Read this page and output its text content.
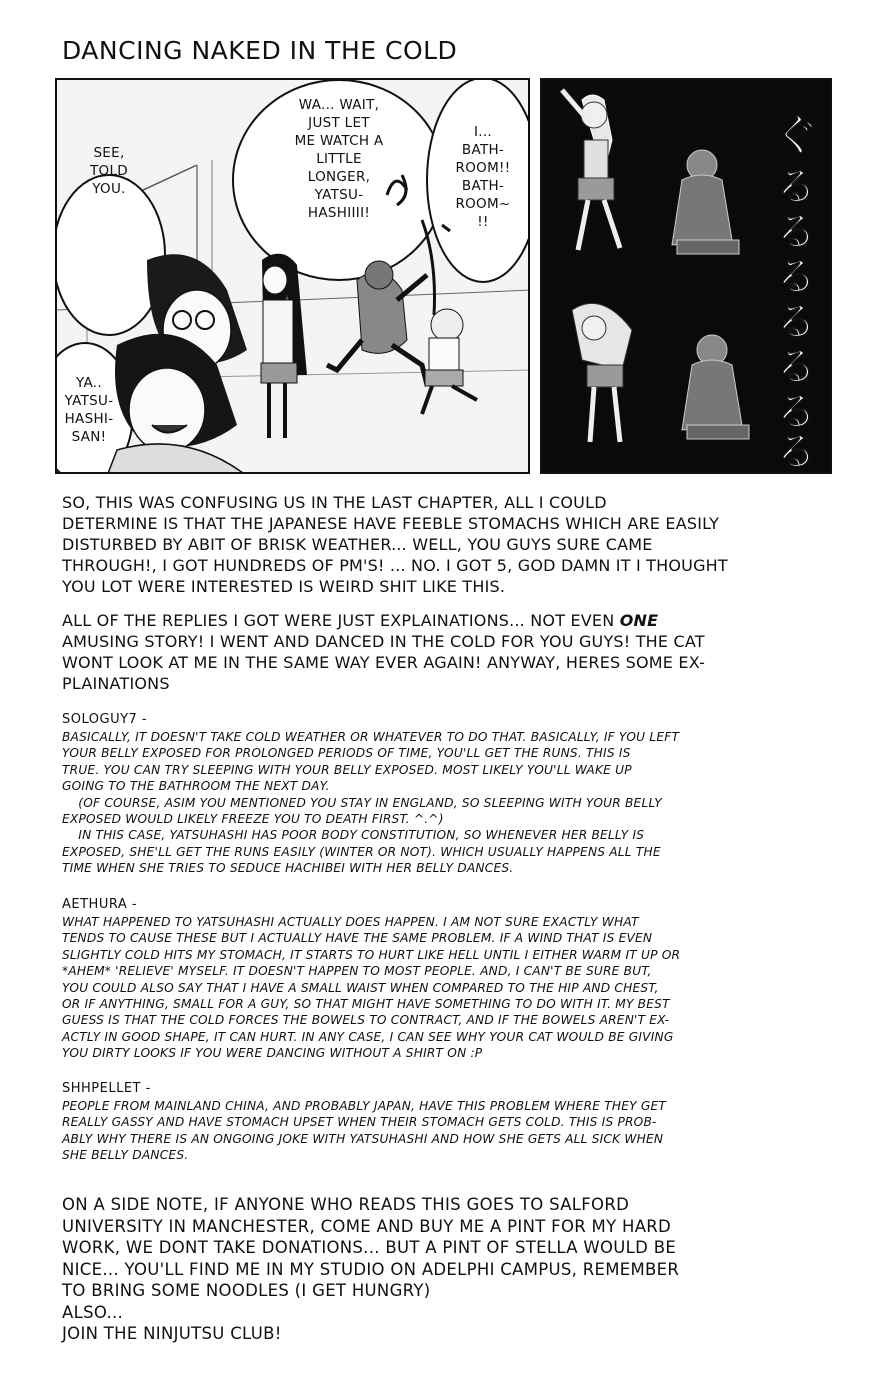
DANCING NAKED IN THE COLD
SEE,
TOLD
YOU.
WA... WAIT,
JUST LET
ME WATCH A
LITTLE
LONGER,
YATSU-
HASHIIII!
I...
BATH-
ROOM!!
BATH-
ROOM~
!!
YA..
YATSU-
HASHI-
SAN!
ぐ
る
る
る
る
る
る
る
SO, THIS WAS CONFUSING US IN THE LAST CHAPTER, ALL I COULD
DETERMINE IS THAT THE JAPANESE HAVE FEEBLE STOMACHS WHICH ARE EASILY
DISTURBED BY ABIT OF BRISK WEATHER... WELL, YOU GUYS SURE CAME
THROUGH!, I GOT HUNDREDS OF PM'S! ... NO. I GOT 5, GOD DAMN IT I THOUGHT
YOU LOT WERE INTERESTED IS WEIRD SHIT LIKE THIS.
ALL OF THE REPLIES I GOT WERE JUST EXPLAINATIONS... NOT EVEN ONE
AMUSING STORY! I WENT AND DANCED IN THE COLD FOR YOU GUYS! THE CAT
WONT LOOK AT ME IN THE SAME WAY EVER AGAIN! ANYWAY, HERES SOME EX-
PLAINATIONS
SOLOGUY7 -
BASICALLY, IT DOESN'T TAKE COLD WEATHER OR WHATEVER TO DO THAT. BASICALLY, IF YOU LEFT
YOUR BELLY EXPOSED FOR PROLONGED PERIODS OF TIME, YOU'LL GET THE RUNS. THIS IS
TRUE. YOU CAN TRY SLEEPING WITH YOUR BELLY EXPOSED. MOST LIKELY YOU'LL WAKE UP
GOING TO THE BATHROOM THE NEXT DAY.
(OF COURSE, ASIM YOU MENTIONED YOU STAY IN ENGLAND, SO SLEEPING WITH YOUR BELLY
EXPOSED WOULD LIKELY FREEZE YOU TO DEATH FIRST. ^.^)
IN THIS CASE, YATSUHASHI HAS POOR BODY CONSTITUTION, SO WHENEVER HER BELLY IS
EXPOSED, SHE'LL GET THE RUNS EASILY (WINTER OR NOT). WHICH USUALLY HAPPENS ALL THE
TIME WHEN SHE TRIES TO SEDUCE HACHIBEI WITH HER BELLY DANCES.
AETHURA -
WHAT HAPPENED TO YATSUHASHI ACTUALLY DOES HAPPEN. I AM NOT SURE EXACTLY WHAT
TENDS TO CAUSE THESE BUT I ACTUALLY HAVE THE SAME PROBLEM. IF A WIND THAT IS EVEN
SLIGHTLY COLD HITS MY STOMACH, IT STARTS TO HURT LIKE HELL UNTIL I EITHER WARM IT UP OR
*AHEM* 'RELIEVE' MYSELF. IT DOESN'T HAPPEN TO MOST PEOPLE. AND, I CAN'T BE SURE BUT,
YOU COULD ALSO SAY THAT I HAVE A SMALL WAIST WHEN COMPARED TO THE HIP AND CHEST,
OR IF ANYTHING, SMALL FOR A GUY, SO THAT MIGHT HAVE SOMETHING TO DO WITH IT. MY BEST
GUESS IS THAT THE COLD FORCES THE BOWELS TO CONTRACT, AND IF THE BOWELS AREN'T EX-
ACTLY IN GOOD SHAPE, IT CAN HURT. IN ANY CASE, I CAN SEE WHY YOUR CAT WOULD BE GIVING
YOU DIRTY LOOKS IF YOU WERE DANCING WITHOUT A SHIRT ON :P
SHHPELLET -
PEOPLE FROM MAINLAND CHINA, AND PROBABLY JAPAN, HAVE THIS PROBLEM WHERE THEY GET
REALLY GASSY AND HAVE STOMACH UPSET WHEN THEIR STOMACH GETS COLD. THIS IS PROB-
ABLY WHY THERE IS AN ONGOING JOKE WITH YATSUHASHI AND HOW SHE GETS ALL SICK WHEN
SHE BELLY DANCES.
ON A SIDE NOTE, IF ANYONE WHO READS THIS GOES TO SALFORD
UNIVERSITY IN MANCHESTER, COME AND BUY ME A PINT FOR MY HARD
WORK, WE DONT TAKE DONATIONS... BUT A PINT OF STELLA WOULD BE
NICE... YOU'LL FIND ME IN MY STUDIO ON ADELPHI CAMPUS, REMEMBER
TO BRING SOME NOODLES (I GET HUNGRY)
ALSO...
JOIN THE NINJUTSU CLUB!
